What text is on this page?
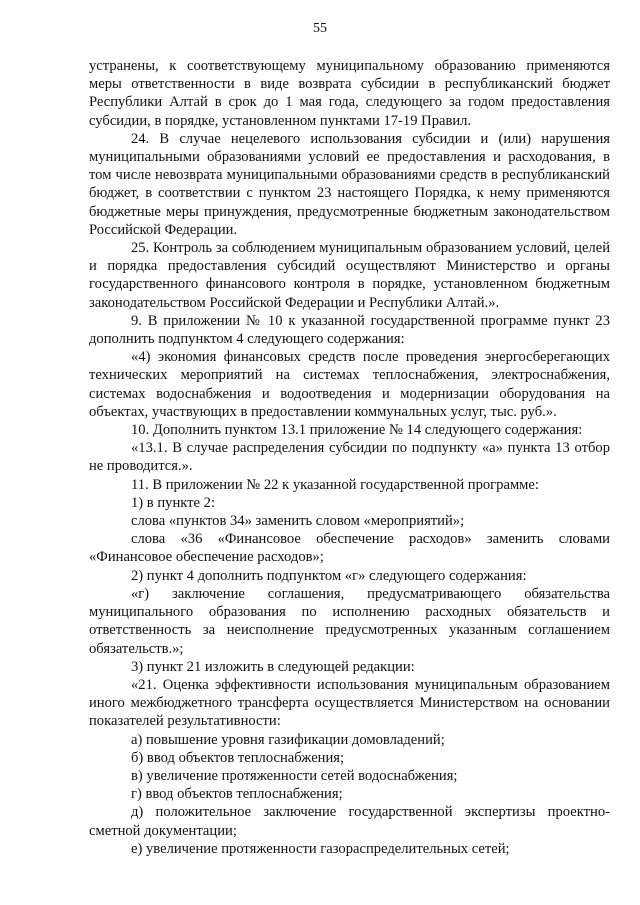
55

устранены, к соответствующему муниципальному образованию применяются меры ответственности в виде возврата субсидии в республиканский бюджет Республики Алтай в срок до 1 мая года, следующего за годом предоставления субсидии, в порядке, установленном пунктами 17-19 Правил.

24. В случае нецелевого использования субсидии и (или) нарушения муниципальными образованиями условий ее предоставления и расходования, в том числе невозврата муниципальными образованиями средств в республиканский бюджет, в соответствии с пунктом 23 настоящего Порядка, к нему применяются бюджетные меры принуждения, предусмотренные бюджетным законодательством Российской Федерации.

25. Контроль за соблюдением муниципальным образованием условий, целей и порядка предоставления субсидий осуществляют Министерство и органы государственного финансового контроля в порядке, установленном бюджетным законодательством Российской Федерации и Республики Алтай.».

9. В приложении № 10 к указанной государственной программе пункт 23 дополнить подпунктом 4 следующего содержания:

«4) экономия финансовых средств после проведения энергосберегающих технических мероприятий на системах теплоснабжения, электроснабжения, системах водоснабжения и водоотведения и модернизации оборудования на объектах, участвующих в предоставлении коммунальных услуг, тыс. руб.».

10. Дополнить пунктом 13.1 приложение № 14 следующего содержания:

«13.1. В случае распределения субсидии по подпункту «а» пункта 13 отбор не проводится.».

11. В приложении № 22 к указанной государственной программе:

1) в пункте 2:

слова «пунктов 34» заменить словом «мероприятий»;

слова «36 «Финансовое обеспечение расходов» заменить словами «Финансовое обеспечение расходов»;

2) пункт 4 дополнить подпунктом «г» следующего содержания:

«г) заключение соглашения, предусматривающего обязательства муниципального образования по исполнению расходных обязательств и ответственность за неисполнение предусмотренных указанным соглашением обязательств.»;

3) пункт 21 изложить в следующей редакции:

«21. Оценка эффективности использования муниципальным образованием иного межбюджетного трансферта осуществляется Министерством на основании показателей результативности:

а) повышение уровня газификации домовладений;

б) ввод объектов теплоснабжения;

в) увеличение протяженности сетей водоснабжения;

г) ввод объектов теплоснабжения;

д) положительное заключение государственной экспертизы проектно-сметной документации;

е) увеличение протяженности газораспределительных сетей;
